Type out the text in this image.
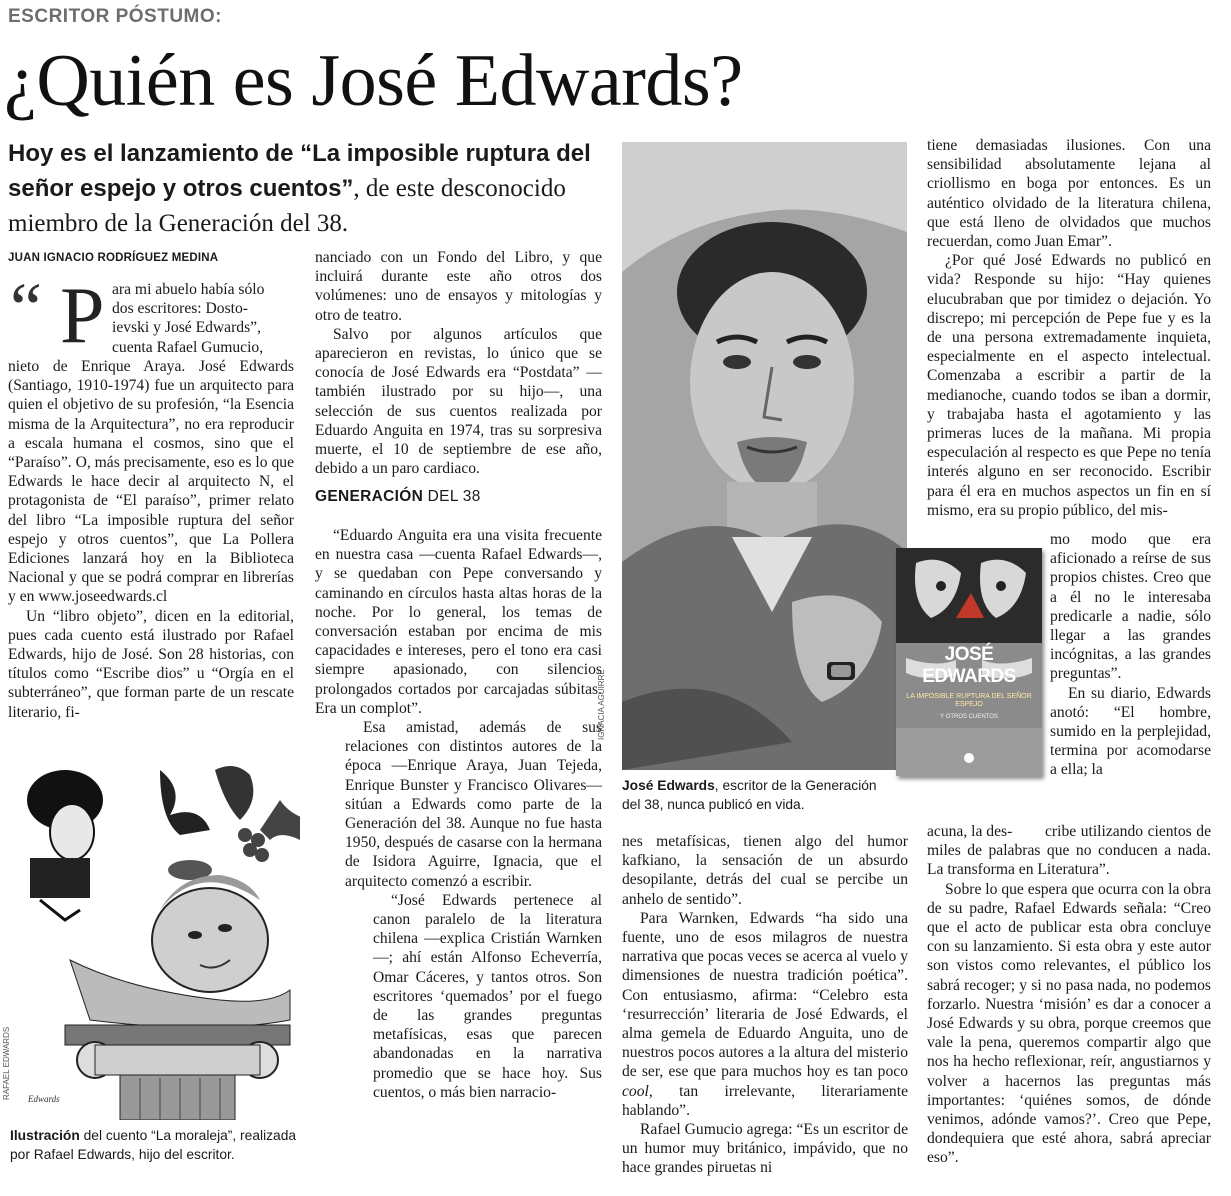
ESCRITOR PÓSTUMO:
¿Quién es José Edwards?
Hoy es el lanzamiento de “La imposible ruptura del señor espejo y otros cuentos”, de este desconocido miembro de la Generación del 38.
JUAN IGNACIO RODRÍGUEZ MEDINA
“ P ara mi abuelo había sólo
dos escritores: Dosto-
ievski y José Edwards”,
cuenta Rafael Gumucio,

nieto de Enrique Araya. José Edwards (Santiago, 1910-1974) fue un arquitecto para quien el objetivo de su profesión, “la Esencia misma de la Arquitectura”, no era reproducir a escala humana el cosmos, sino que el “Paraíso”. O, más precisamente, eso es lo que Edwards le hace decir al arquitecto N, el protagonista de “El paraíso”, primer relato del libro “La imposible ruptura del señor espejo y otros cuentos”, que La Pollera Ediciones lanzará hoy en la Biblioteca Nacional y que se podrá comprar en librerías y en www.joseedwards.cl

Un “libro objeto”, dicen en la editorial, pues cada cuento está ilustrado por Rafael Edwards, hijo de José. Son 28 historias, con títulos como “Escribe dios” u “Orgía en el subterráneo”, que forman parte de un rescate literario, fi-

Edwards
RAFAEL EDWARDS
Ilustración del cuento “La moraleja”, realizada por Rafael Edwards, hijo del escritor.

nanciado con un Fondo del Libro, y que incluirá durante este año otros dos volúmenes: uno de ensayos y mitologías y otro de teatro.

Salvo por algunos artículos que aparecieron en revistas, lo único que se conocía de José Edwards era “Postdata” —también ilustrado por su hijo—, una selección de sus cuentos realizada por Eduardo Anguita en 1974, tras su sorpresiva muerte, el 10 de septiembre de ese año, debido a un paro cardiaco.

GENERACIÓN DEL 38

“Eduardo Anguita era una visita frecuente en nuestra casa —cuenta Rafael Edwards—, y se quedaban con Pepe conversando y caminando en círculos hasta altas horas de la noche. Por lo general, los temas de conversación estaban por encima de mis capacidades e intereses, pero el tono era casi siempre apasionado, con silencios prolongados cortados por carcajadas súbitas. Era un complot”.

Esa amistad, además de sus relaciones con distintos autores de la época —Enrique Araya, Juan Tejeda, Enrique Bunster y Francisco Olivares— sitúan a Edwards como parte de la Generación del 38. Aunque no fue hasta 1950, después de casarse con la hermana de Isidora Aguirre, Ignacia, que el arquitecto comenzó a escribir.

“José Edwards pertenece al canon paralelo de la literatura chilena —explica Cristián Warnken—; ahí están Alfonso Echeverría, Omar Cáceres, y tantos otros. Son escritores ‘quemados’ por el fuego de las grandes preguntas metafísicas, esas que parecen abandonadas en la narrativa promedio que se hace hoy. Sus cuentos, o más bien narracio-

IGNACIA AGUIRRE
José Edwards, escritor de la Generación del 38, nunca publicó en vida.
JOSÉ EDWARDS
LA IMPOSIBLE RUPTURA DEL SEÑOR ESPEJO
Y OTROS CUENTOS

nes metafísicas, tienen algo del humor kafkiano, la sensación de un absurdo desopilante, detrás del cual se percibe un anhelo de sentido”.

Para Warnken, Edwards “ha sido una fuente, uno de esos milagros de nuestra narrativa que pocas veces se acerca al vuelo y dimensiones de nuestra tradición poética”. Con entusiasmo, afirma: “Celebro esta ‘resurrección’ literaria de José Edwards, el alma gemela de Eduardo Anguita, uno de nuestros pocos autores a la altura del misterio de ser, ese que para muchos hoy es tan poco cool, tan irrelevante, literariamente hablando”.

Rafael Gumucio agrega: “Es un escritor de un humor muy británico, impávido, que no hace grandes piruetas ni

tiene demasiadas ilusiones. Con una sensibilidad absolutamente lejana al criollismo en boga por entonces. Es un auténtico olvidado de la literatura chilena, que está lleno de olvidados que muchos recuerdan, como Juan Emar”.

¿Por qué José Edwards no publicó en vida? Responde su hijo: “Hay quienes elucubraban que por timidez o dejación. Yo discrepo; mi percepción de Pepe fue y es la de una persona extremadamente inquieta, especialmente en el aspecto intelectual. Comenzaba a escribir a partir de la medianoche, cuando todos se iban a dormir, y trabajaba hasta el agotamiento y las primeras luces de la mañana. Mi propia especulación al respecto es que Pepe no tenía interés alguno en ser reconocido. Escribir para él era en muchos aspectos un fin en sí mismo, era su propio público, del mis-

mo modo que era aficionado a reírse de sus propios chistes. Creo que a él no le interesaba predicarle a nadie, sólo llegar a las grandes incógnitas, a las grandes preguntas”.

En su diario, Edwards anotó: “El hombre, sumido en la perplejidad, termina por acomodarse a ella; la

acuna, la des-	cribe utilizando cientos de miles de palabras que no conducen a nada. La transforma en Literatura”.

Sobre lo que espera que ocurra con la obra de su padre, Rafael Edwards señala: “Creo que el acto de publicar esta obra concluye con su lanzamiento. Si esta obra y este autor son vistos como relevantes, el público los sabrá recoger; y si no pasa nada, no podemos forzarlo. Nuestra ‘misión’ es dar a conocer a José Edwards y su obra, porque creemos que vale la pena, queremos compartir algo que nos ha hecho reflexionar, reír, angustiarnos y volver a hacernos las preguntas más importantes: ‘quiénes somos, de dónde venimos, adónde vamos?’. Creo que Pepe, dondequiera que esté ahora, sabrá apreciar eso”.
